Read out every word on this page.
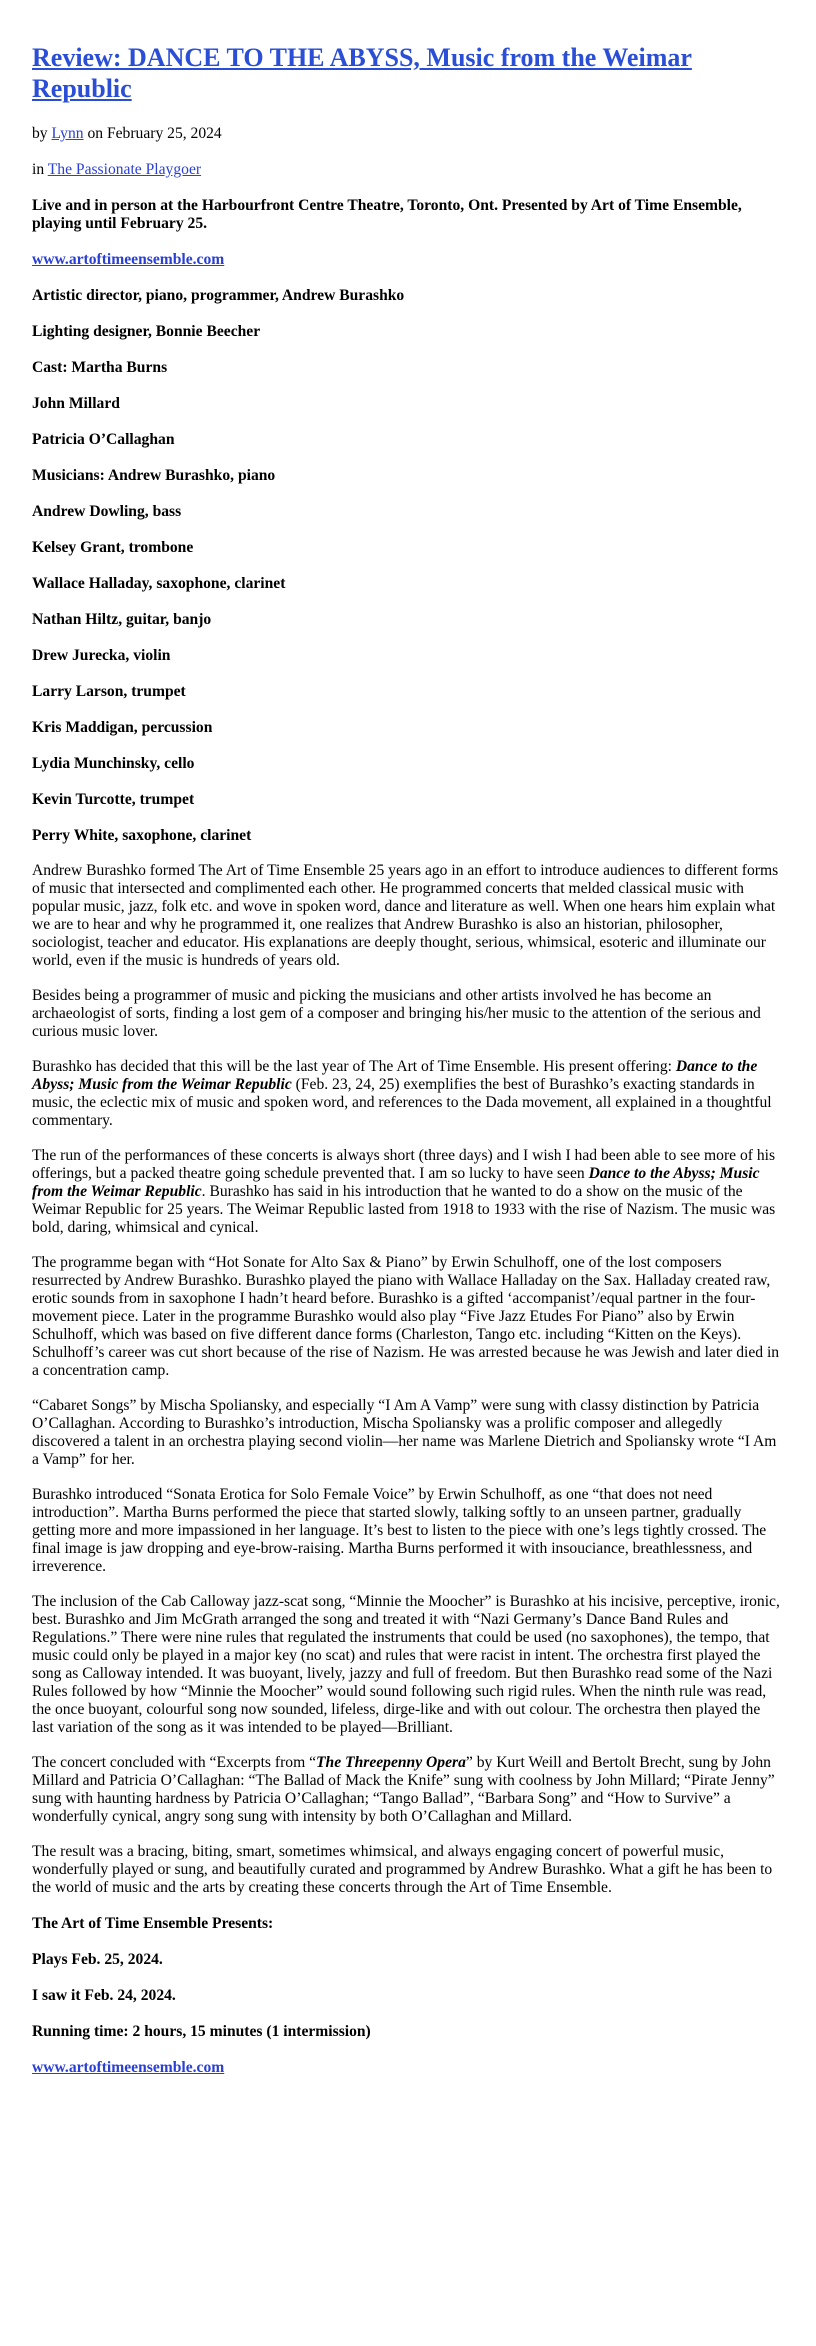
Review: DANCE TO THE ABYSS, Music from the Weimar Republic

by Lynn on February 25, 2024

in The Passionate Playgoer

Live and in person at the Harbourfront Centre Theatre, Toronto, Ont. Presented by Art of Time Ensemble, playing until February 25.

www.artoftimeensemble.com

Artistic director, piano, programmer, Andrew Burashko

Lighting designer, Bonnie Beecher

Cast: Martha Burns

John Millard

Patricia O’Callaghan

Musicians: Andrew Burashko, piano

Andrew Dowling, bass

Kelsey Grant, trombone

Wallace Halladay, saxophone, clarinet

Nathan Hiltz, guitar, banjo

Drew Jurecka, violin

Larry Larson, trumpet

Kris Maddigan, percussion

Lydia Munchinsky, cello

Kevin Turcotte, trumpet

Perry White, saxophone, clarinet

Andrew Burashko formed The Art of Time Ensemble 25 years ago in an effort to introduce audiences to different forms of music that intersected and complimented each other. He programmed concerts that melded classical music with popular music, jazz, folk etc. and wove in spoken word, dance and literature as well. When one hears him explain what we are to hear and why he programmed it, one realizes that Andrew Burashko is also an historian, philosopher, sociologist, teacher and educator. His explanations are deeply thought, serious, whimsical, esoteric and illuminate our world, even if the music is hundreds of years old.

Besides being a programmer of music and picking the musicians and other artists involved he has become an archaeologist of sorts, finding a lost gem of a composer and bringing his/her music to the attention of the serious and curious music lover.

Burashko has decided that this will be the last year of The Art of Time Ensemble. His present offering: Dance to the Abyss; Music from the Weimar Republic (Feb. 23, 24, 25) exemplifies the best of Burashko’s exacting standards in music, the eclectic mix of music and spoken word, and references to the Dada movement, all explained in a thoughtful commentary.

The run of the performances of these concerts is always short (three days) and I wish I had been able to see more of his offerings, but a packed theatre going schedule prevented that. I am so lucky to have seen Dance to the Abyss; Music from the Weimar Republic. Burashko has said in his introduction that he wanted to do a show on the music of the Weimar Republic for 25 years. The Weimar Republic lasted from 1918 to 1933 with the rise of Nazism. The music was bold, daring, whimsical and cynical.

The programme began with “Hot Sonate for Alto Sax & Piano” by Erwin Schulhoff, one of the lost composers resurrected by Andrew Burashko. Burashko played the piano with Wallace Halladay on the Sax. Halladay created raw, erotic sounds from in saxophone I hadn’t heard before. Burashko is a gifted ‘accompanist’/equal partner in the four-movement piece. Later in the programme Burashko would also play “Five Jazz Etudes For Piano” also by Erwin Schulhoff, which was based on five different dance forms (Charleston, Tango etc. including “Kitten on the Keys). Schulhoff’s career was cut short because of the rise of Nazism. He was arrested because he was Jewish and later died in a concentration camp.

“Cabaret Songs” by Mischa Spoliansky, and especially “I Am A Vamp” were sung with classy distinction by Patricia O’Callaghan. According to Burashko’s introduction, Mischa Spoliansky was a prolific composer and allegedly discovered a talent in an orchestra playing second violin—her name was Marlene Dietrich and Spoliansky wrote “I Am a Vamp” for her.

Burashko introduced “Sonata Erotica for Solo Female Voice” by Erwin Schulhoff, as one “that does not need introduction”. Martha Burns performed the piece that started slowly, talking softly to an unseen partner, gradually getting more and more impassioned in her language. It’s best to listen to the piece with one’s legs tightly crossed. The final image is jaw dropping and eye-brow-raising. Martha Burns performed it with insouciance, breathlessness, and irreverence.

The inclusion of the Cab Calloway jazz-scat song, “Minnie the Moocher” is Burashko at his incisive, perceptive, ironic, best. Burashko and Jim McGrath arranged the song and treated it with “Nazi Germany’s Dance Band Rules and Regulations.” There were nine rules that regulated the instruments that could be used (no saxophones), the tempo, that music could only be played in a major key (no scat) and rules that were racist in intent. The orchestra first played the song as Calloway intended. It was buoyant, lively, jazzy and full of freedom. But then Burashko read some of the Nazi Rules followed by how “Minnie the Moocher” would sound following such rigid rules. When the ninth rule was read, the once buoyant, colourful song now sounded, lifeless, dirge-like and with out colour. The orchestra then played the last variation of the song as it was intended to be played—Brilliant.

The concert concluded with “Excerpts from “The Threepenny Opera” by Kurt Weill and Bertolt Brecht, sung by John Millard and Patricia O’Callaghan: “The Ballad of Mack the Knife” sung with coolness by John Millard; “Pirate Jenny” sung with haunting hardness by Patricia O’Callaghan; “Tango Ballad”, “Barbara Song” and “How to Survive” a wonderfully cynical, angry song sung with intensity by both O’Callaghan and Millard.

The result was a bracing, biting, smart, sometimes whimsical, and always engaging concert of powerful music, wonderfully played or sung, and beautifully curated and programmed by Andrew Burashko. What a gift he has been to the world of music and the arts by creating these concerts through the Art of Time Ensemble.

The Art of Time Ensemble Presents:

Plays Feb. 25, 2024.

I saw it Feb. 24, 2024.

Running time: 2 hours, 15 minutes (1 intermission)

www.artoftimeensemble.com
